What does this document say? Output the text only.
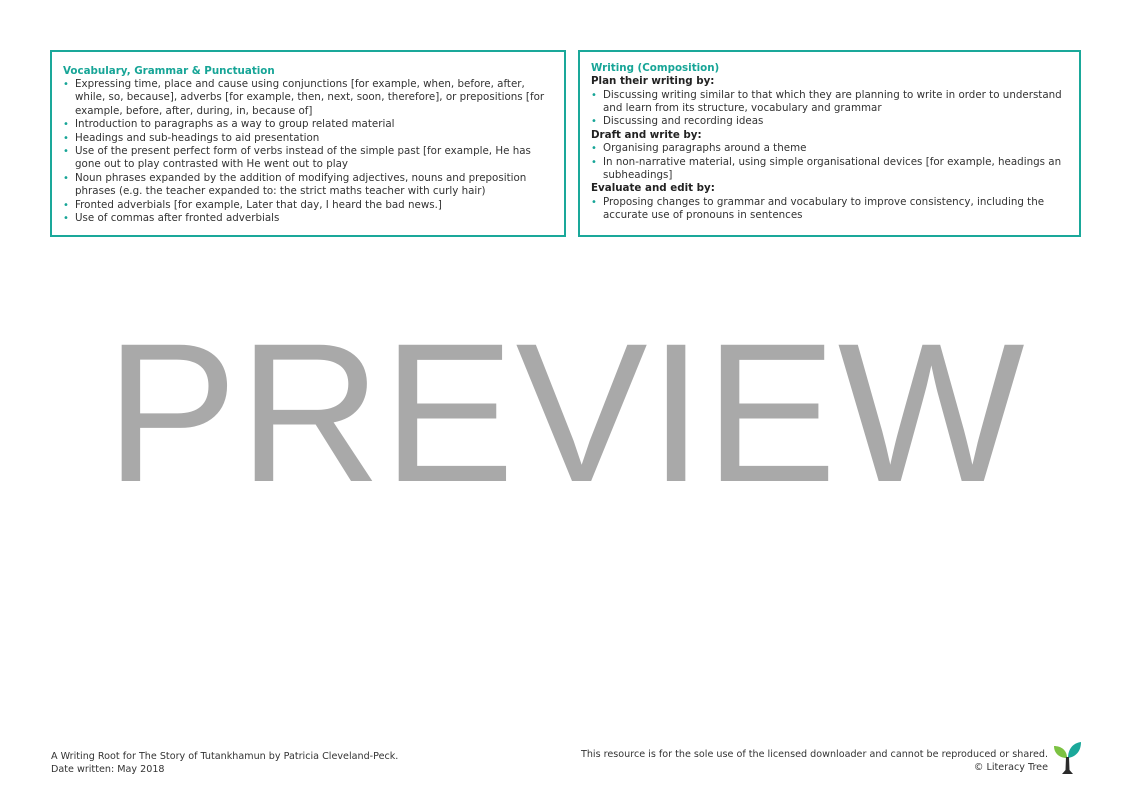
Vocabulary, Grammar & Punctuation
• Expressing time, place and cause using conjunctions [for example, when, before, after, while, so, because], adverbs [for example, then, next, soon, therefore], or prepositions [for example, before, after, during, in, because of]
• Introduction to paragraphs as a way to group related material
• Headings and sub-headings to aid presentation
• Use of the present perfect form of verbs instead of the simple past [for example, He has gone out to play contrasted with He went out to play
• Noun phrases expanded by the addition of modifying adjectives, nouns and preposition phrases (e.g. the teacher expanded to: the strict maths teacher with curly hair)
• Fronted adverbials [for example, Later that day, I heard the bad news.]
• Use of commas after fronted adverbials
Writing (Composition)

Plan their writing by:

• Discussing writing similar to that which they are planning to write in order to understand and learn from its structure, vocabulary and grammar
• Discussing and recording ideas

Draft and write by:

• Organising paragraphs around a theme
• In non-narrative material, using simple organisational devices [for example, headings an subheadings]

Evaluate and edit by:

• Proposing changes to grammar and vocabulary to improve consistency, including the accurate use of pronouns in sentences
PREVIEW
A Writing Root for The Story of Tutankhamun by Patricia Cleveland-Peck.
Date written: May 2018
This resource is for the sole use of the licensed downloader and cannot be reproduced or shared.
© Literacy Tree
